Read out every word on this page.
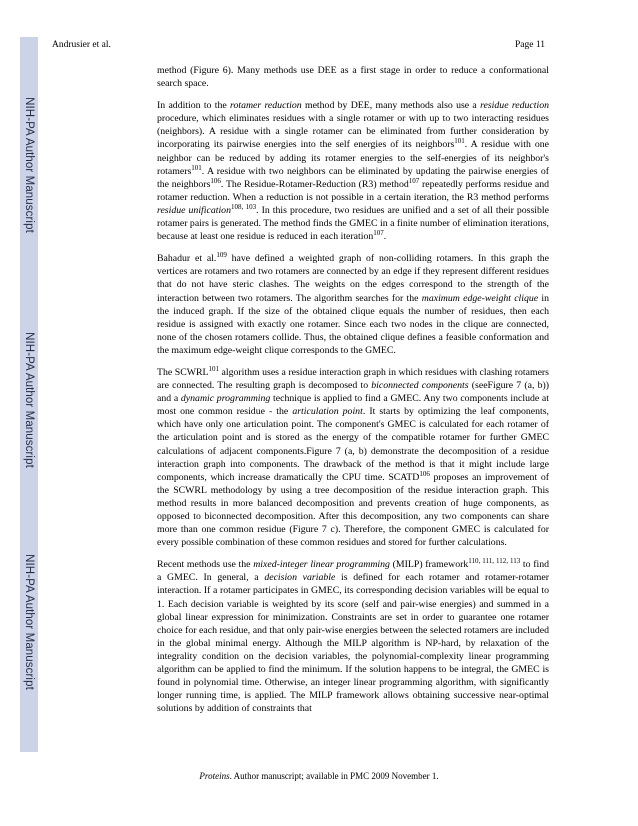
NIH-PA Author Manuscript
NIH-PA Author Manuscript
NIH-PA Author Manuscript
Andrusier et al.	Page 11

method (Figure 6). Many methods use DEE as a first stage in order to reduce a conformational search space.

In addition to the rotamer reduction method by DEE, many methods also use a residue reduction procedure, which eliminates residues with a single rotamer or with up to two interacting residues (neighbors). A residue with a single rotamer can be eliminated from further consideration by incorporating its pairwise energies into the self energies of its neighbors$^{101}$. A residue with one neighbor can be reduced by adding its rotamer energies to the self-energies of its neighbor's rotamers$^{101}$. A residue with two neighbors can be eliminated by updating the pairwise energies of the neighbors$^{106}$. The Residue-Rotamer-Reduction (R3) method$^{107}$ repeatedly performs residue and rotamer reduction. When a reduction is not possible in a certain iteration, the R3 method performs residue unification$^{108, 103}$. In this procedure, two residues are unified and a set of all their possible rotamer pairs is generated. The method finds the GMEC in a finite number of elimination iterations, because at least one residue is reduced in each iteration$^{107}$.

Bahadur et al.$^{109}$ have defined a weighted graph of non-colliding rotamers. In this graph the vertices are rotamers and two rotamers are connected by an edge if they represent different residues that do not have steric clashes. The weights on the edges correspond to the strength of the interaction between two rotamers. The algorithm searches for the maximum edge-weight clique in the induced graph. If the size of the obtained clique equals the number of residues, then each residue is assigned with exactly one rotamer. Since each two nodes in the clique are connected, none of the chosen rotamers collide. Thus, the obtained clique defines a feasible conformation and the maximum edge-weight clique corresponds to the GMEC.

The SCWRL$^{101}$ algorithm uses a residue interaction graph in which residues with clashing rotamers are connected. The resulting graph is decomposed to biconnected components (seeFigure 7 (a, b)) and a dynamic programming technique is applied to find a GMEC. Any two components include at most one common residue - the articulation point. It starts by optimizing the leaf components, which have only one articulation point. The component's GMEC is calculated for each rotamer of the articulation point and is stored as the energy of the compatible rotamer for further GMEC calculations of adjacent components.Figure 7 (a, b) demonstrate the decomposition of a residue interaction graph into components. The drawback of the method is that it might include large components, which increase dramatically the CPU time. SCATD$^{106}$ proposes an improvement of the SCWRL methodology by using a tree decomposition of the residue interaction graph. This method results in more balanced decomposition and prevents creation of huge components, as opposed to biconnected decomposition. After this decomposition, any two components can share more than one common residue (Figure 7 c). Therefore, the component GMEC is calculated for every possible combination of these common residues and stored for further calculations.

Recent methods use the mixed-integer linear programming (MILP) framework$^{110, 111, 112, 113}$ to find a GMEC. In general, a decision variable is defined for each rotamer and rotamer-rotamer interaction. If a rotamer participates in GMEC, its corresponding decision variables will be equal to 1. Each decision variable is weighted by its score (self and pair-wise energies) and summed in a global linear expression for minimization. Constraints are set in order to guarantee one rotamer choice for each residue, and that only pair-wise energies between the selected rotamers are included in the global minimal energy. Although the MILP algorithm is NP-hard, by relaxation of the integrality condition on the decision variables, the polynomial-complexity linear programming algorithm can be applied to find the minimum. If the solution happens to be integral, the GMEC is found in polynomial time. Otherwise, an integer linear programming algorithm, with significantly longer running time, is applied. The MILP framework allows obtaining successive near-optimal solutions by addition of constraints that

Proteins. Author manuscript; available in PMC 2009 November 1.
